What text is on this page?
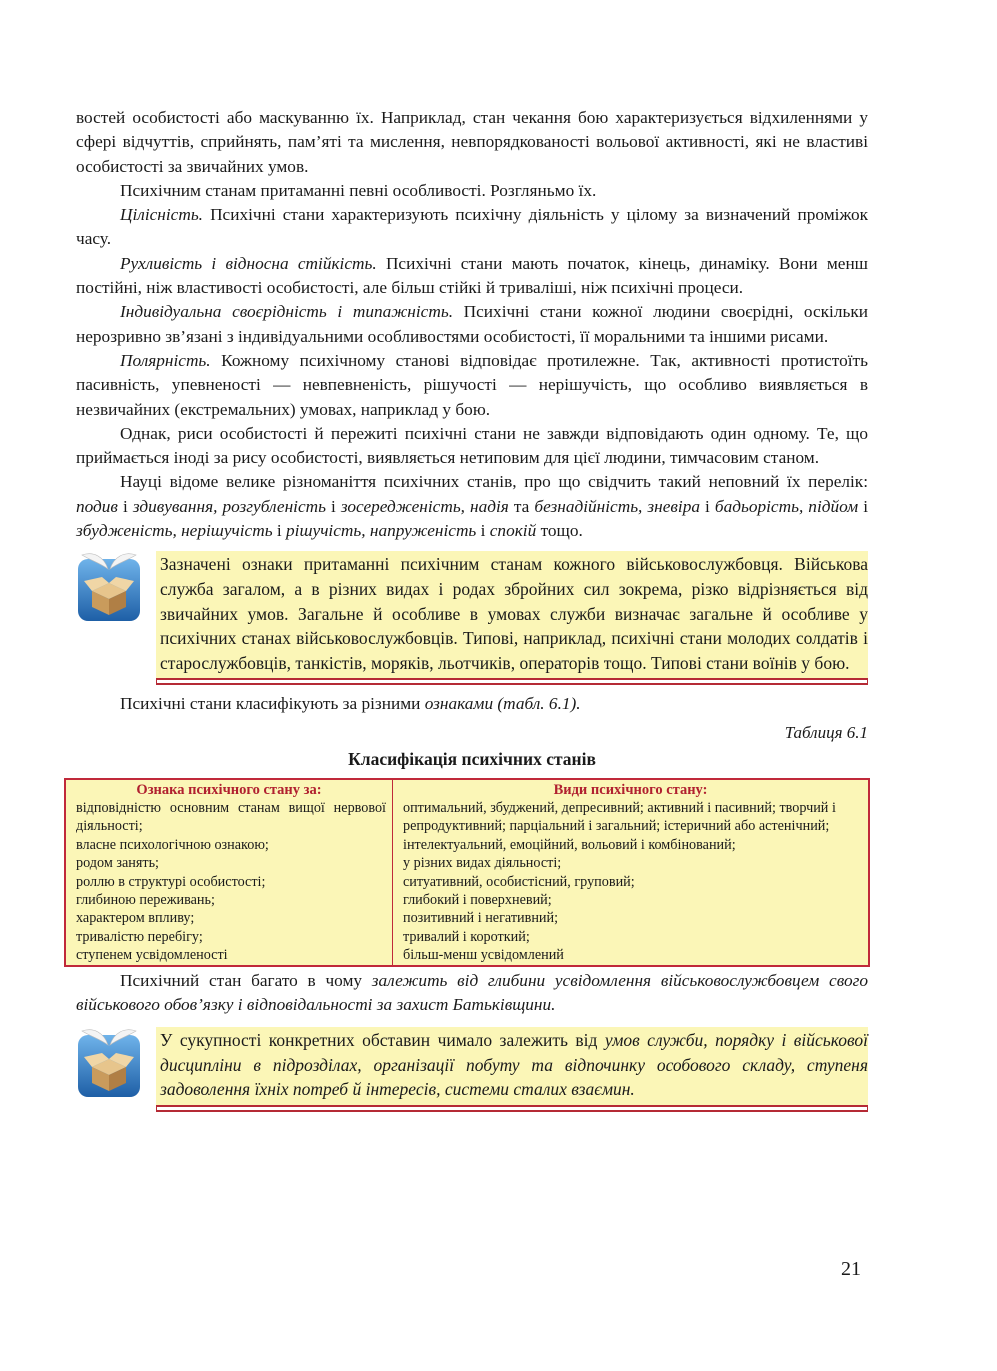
востей особистості або маскуванню їх. Наприклад, стан чекання бою характеризується відхиленнями у сфері відчуттів, сприйнять, пам’яті та мислення, невпорядкованості вольової активності, які не властиві особистості за звичайних умов.

Психічним станам притаманні певні особливості. Розгляньмо їх.

Цілісність. Психічні стани характеризують психічну діяльність у цілому за визначений проміжок часу.

Рухливість і відносна стійкість. Психічні стани мають початок, кінець, динаміку. Вони менш постійні, ніж властивості особистості, але більш стійкі й триваліші, ніж психічні процеси.

Індивідуальна своєрідність і типажність. Психічні стани кожної людини своєрідні, оскільки нерозривно зв’язані з індивідуальними особливостями особистості, її моральними та іншими рисами.

Полярність. Кожному психічному станові відповідає протилежне. Так, активності протистоїть пасивність, упевненості — невпевненість, рішучості — нерішучість, що особливо виявляється в незвичайних (екстремальних) умовах, наприклад у бою.

Однак, риси особистості й пережиті психічні стани не завжди відповідають один одному. Те, що приймається іноді за рису особистості, виявляється нетиповим для цієї людини, тимчасовим станом.

Науці відоме велике різноманіття психічних станів, про що свідчить такий неповний їх перелік: подив і здивування, розгубленість і зосередженість, надія та безнадійність, зневіра і бадьорість, підйом і збудженість, нерішучість і рішучість, напруженість і спокій тощо.

Зазначені ознаки притаманні психічним станам кожного військовослужбовця. Військова служба загалом, а в різних видах і родах збройних сил зокрема, різко відрізняється від звичайних умов. Загальне й особливе в умовах служби визначає загальне й особливе у психічних станах військовослужбовців. Типові, наприклад, психічні стани молодих солдатів і старослужбовців, танкістів, моряків, льотчиків, операторів тощо. Типові стани воїнів у бою.

Психічні стани класифікують за різними ознаками (табл. 6.1).

Таблиця 6.1

Класифікація психічних станів

Ознака психічного стану за:	Види психічного стану:
відповідністю основним станам вищої нервової діяльності;	оптимальний, збуджений, депресивний; активний і пасивний; творчий і репродуктивний; парціальний і загальний; істеричний або астенічний;
власне психологічною ознакою;	інтелектуальний, емоційний, вольовий і комбінований;
родом занять;	у різних видах діяльності;
роллю в структурі особистості;	ситуативний, особистісний, груповий;
глибиною переживань;	глибокий і поверхневий;
характером впливу;	позитивний і негативний;
тривалістю перебігу;	тривалий і короткий;
ступенем усвідомленості	більш-менш усвідомлений

Психічний стан багато в чому залежить від глибини усвідомлення військовослужбовцем свого військового обов’язку і відповідальності за захист Батьківщини.

У сукупності конкретних обставин чимало залежить від умов служби, порядку і військової дисципліни в підрозділах, організації побуту та відпочинку особового складу, ступеня задоволення їхніх потреб й інтересів, системи сталих взаємин.

21
